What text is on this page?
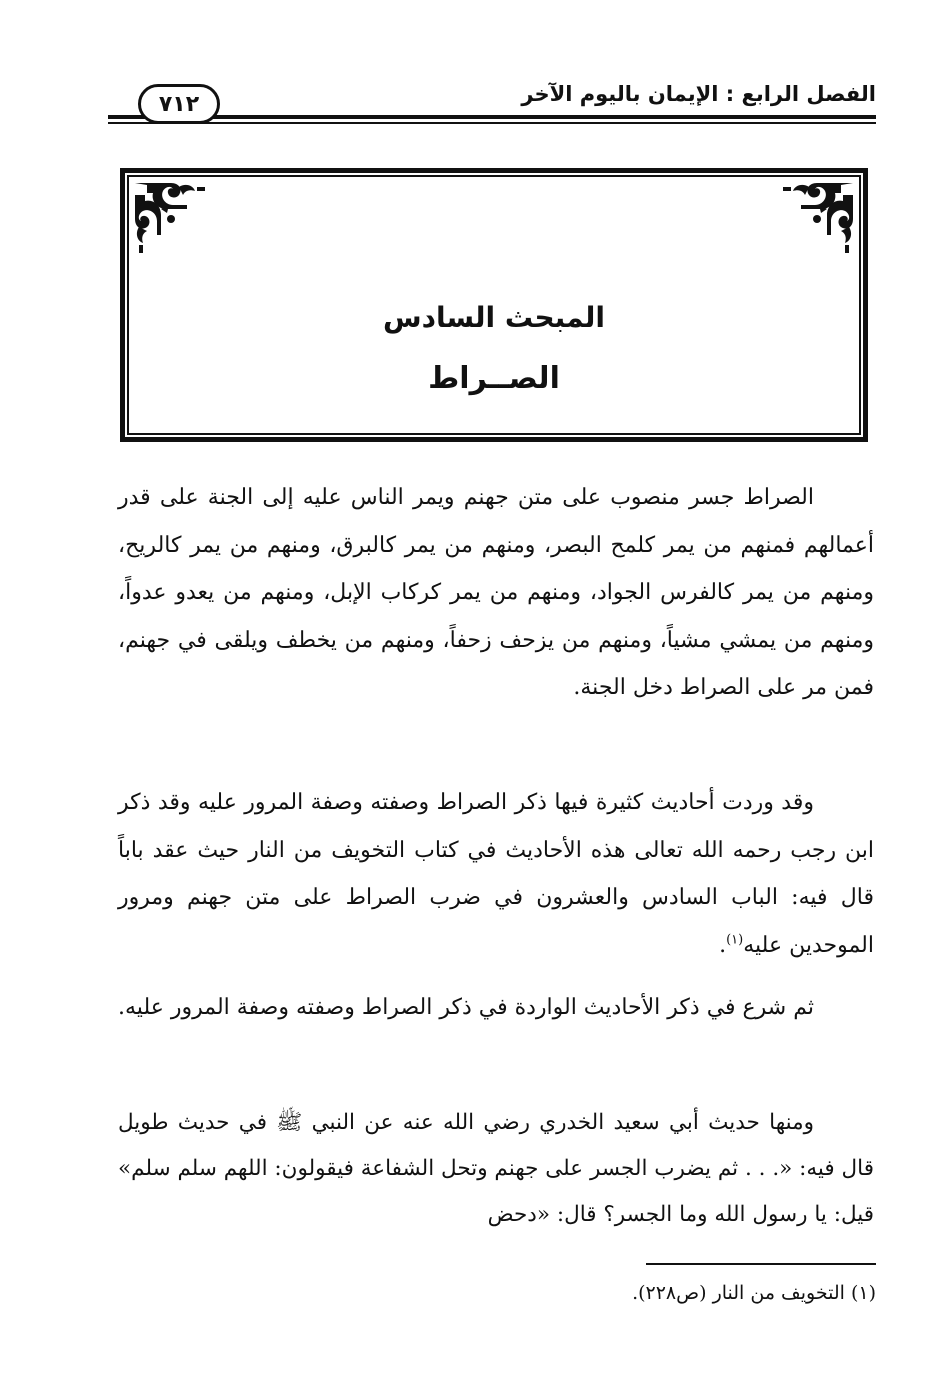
الفصل الرابع : الإيمان باليوم الآخر
٧١٢
المبحث السادس
الصــراط

الصراط جسر منصوب على متن جهنم ويمر الناس عليه إلى الجنة على قدر أعمالهم فمنهم من يمر كلمح البصر، ومنهم من يمر كالبرق، ومنهم من يمر كالريح، ومنهم من يمر كالفرس الجواد، ومنهم من يمر كركاب الإبل، ومنهم من يعدو عدواً، ومنهم من يمشي مشياً، ومنهم من يزحف زحفاً، ومنهم من يخطف ويلقى في جهنم، فمن مر على الصراط دخل الجنة.

وقد وردت أحاديث كثيرة فيها ذكر الصراط وصفته وصفة المرور عليه وقد ذكر ابن رجب رحمه الله تعالى هذه الأحاديث في كتاب التخويف من النار حيث عقد باباً قال فيه: الباب السادس والعشرون في ضرب الصراط على متن جهنم ومرور الموحدين عليه$^{(١)}$.

ثم شرع في ذكر الأحاديث الواردة في ذكر الصراط وصفته وصفة المرور عليه.

ومنها حديث أبي سعيد الخدري رضي الله عنه عن النبي ﷺ في حديث طويل قال فيه: «. . . ثم يضرب الجسر على جهنم وتحل الشفاعة فيقولون: اللهم سلم سلم» قيل: يا رسول الله وما الجسر؟ قال: «دحض

(١) التخويف من النار (ص٢٢٨).
